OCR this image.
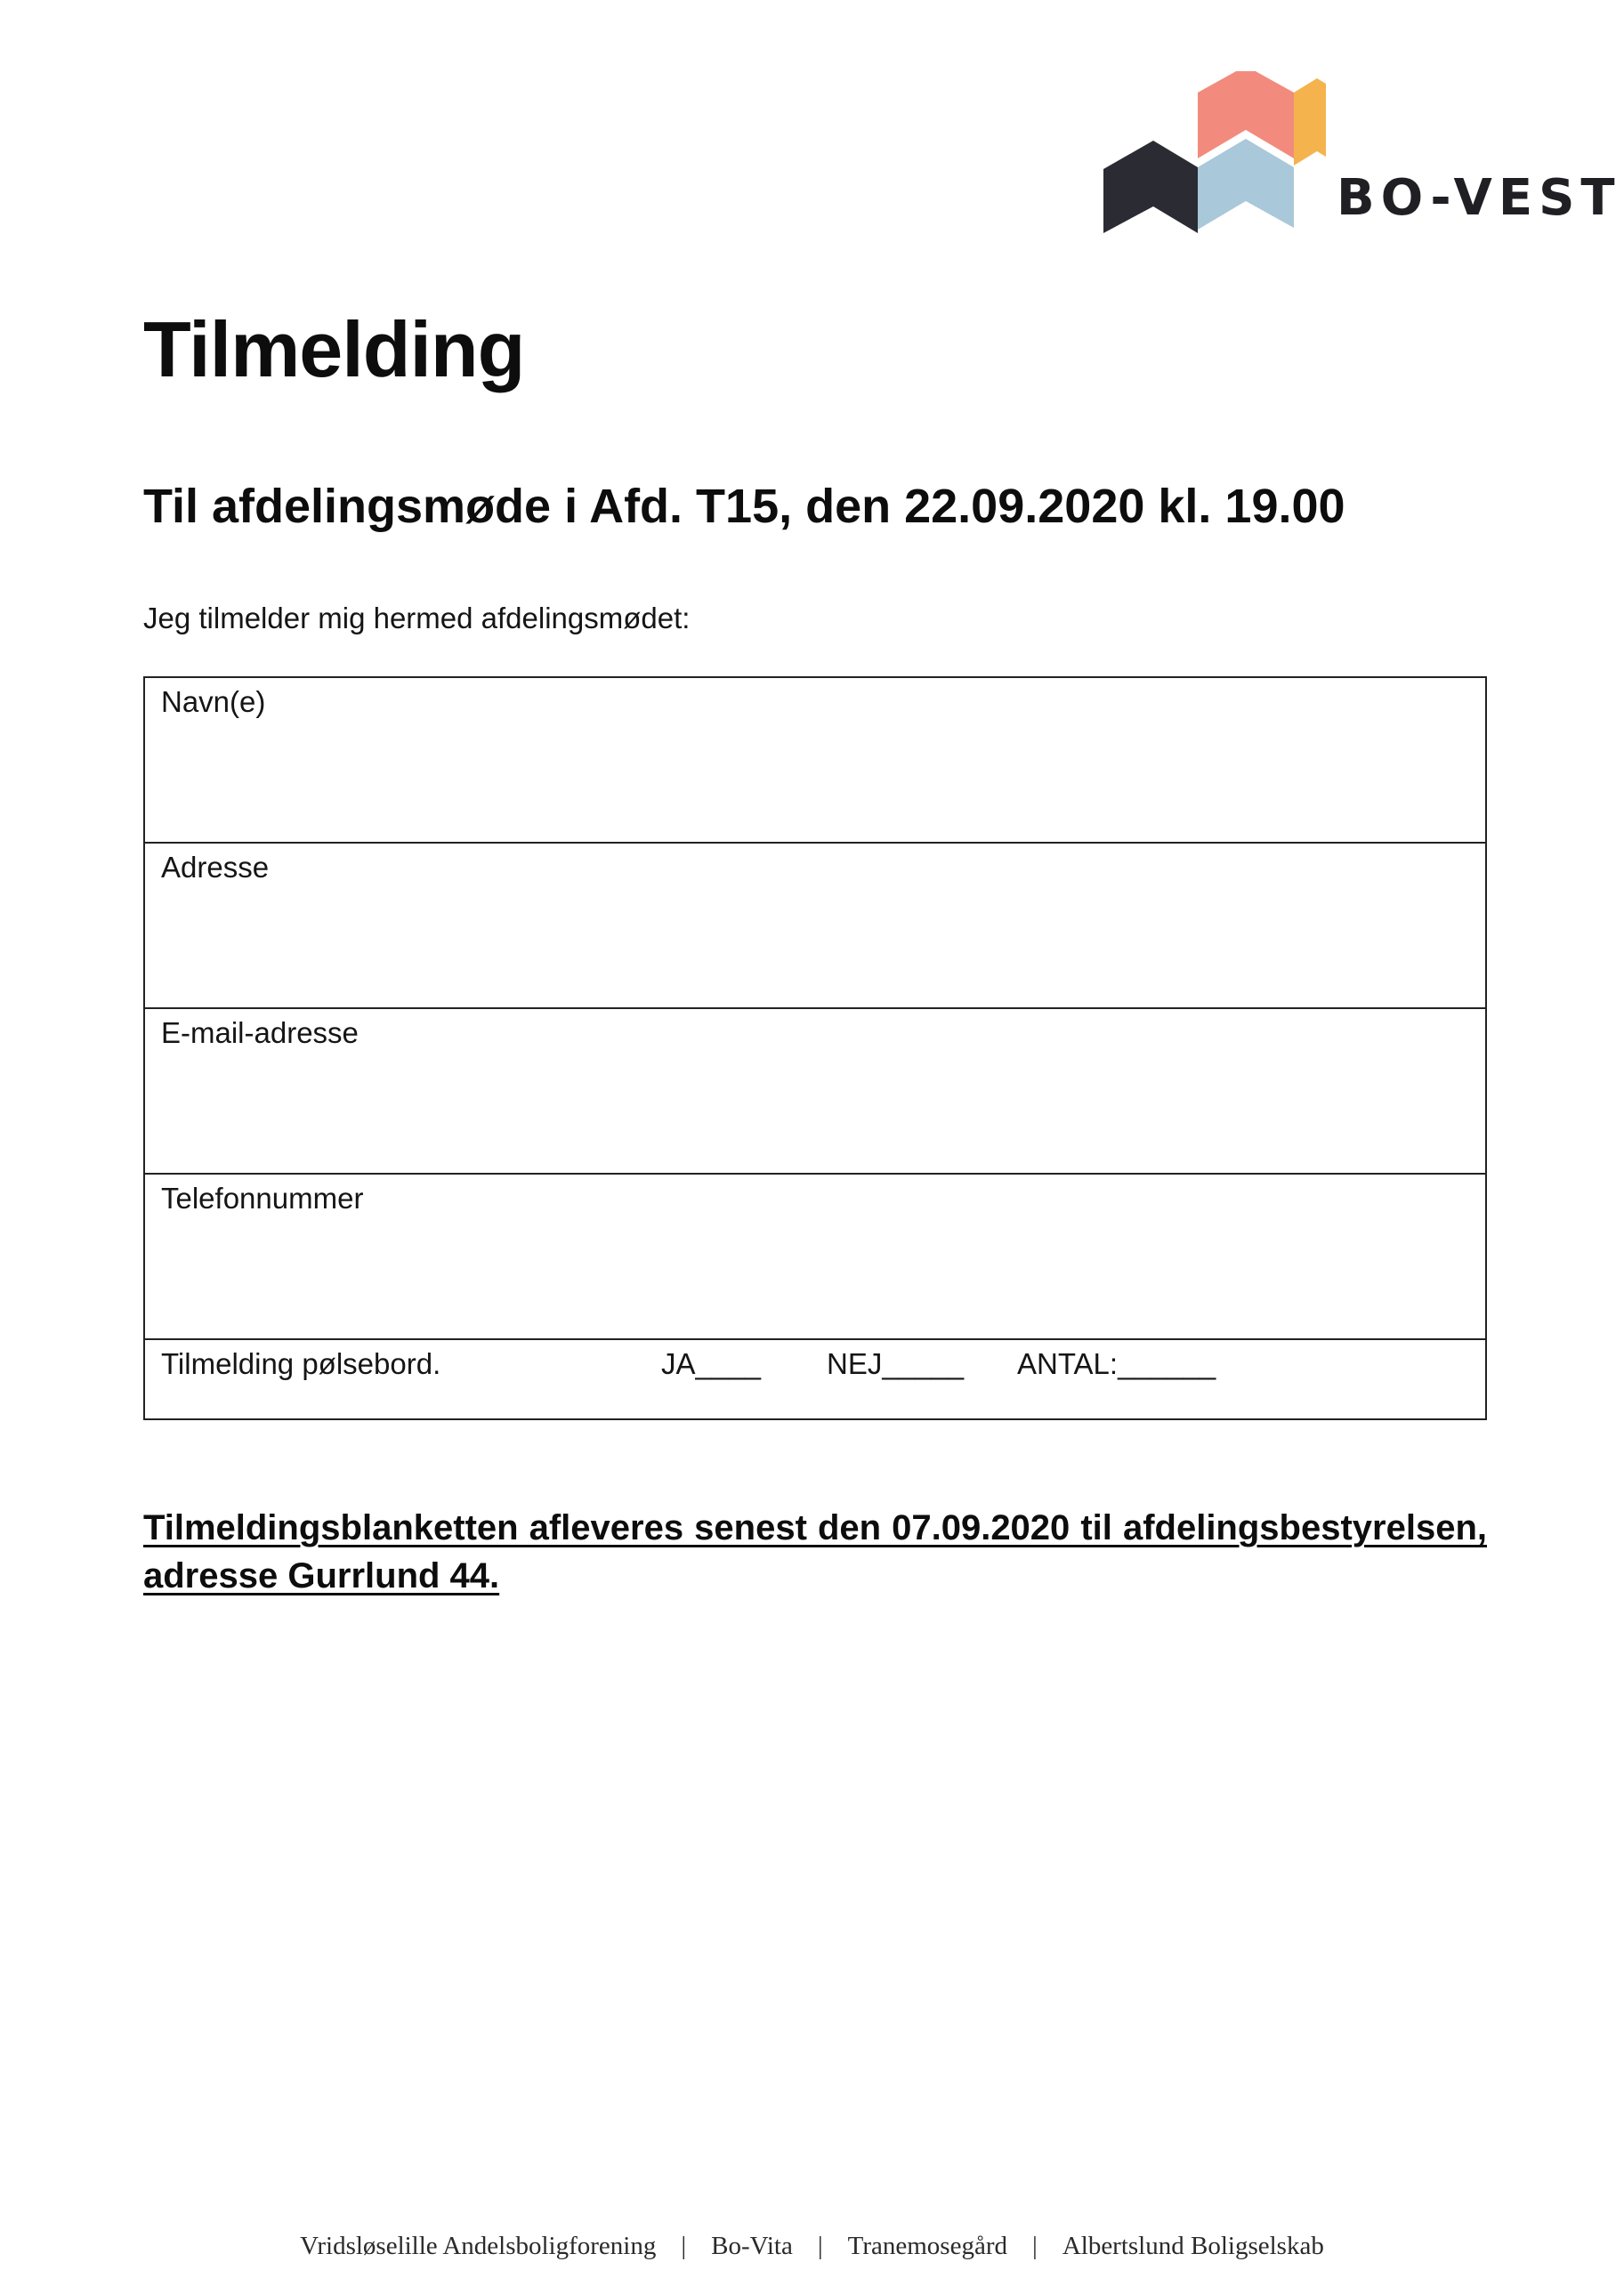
BO-VEST
Tilmelding
Til afdelingsmøde i Afd. T15, den 22.09.2020 kl. 19.00

Jeg tilmelder mig hermed afdelingsmødet:

Navn(e)
Adresse
E-mail-adresse
Telefonnummer
Tilmelding pølsebord.	JA____ NEJ_____ ANTAL:______

Tilmeldingsblanketten afleveres senest den 07.09.2020 til afdelingsbestyrelsen, adresse Gurrlund 44.

Vridsløselille Andelsboligforening | Bo-Vita | Tranemosegård | Albertslund Boligselskab
